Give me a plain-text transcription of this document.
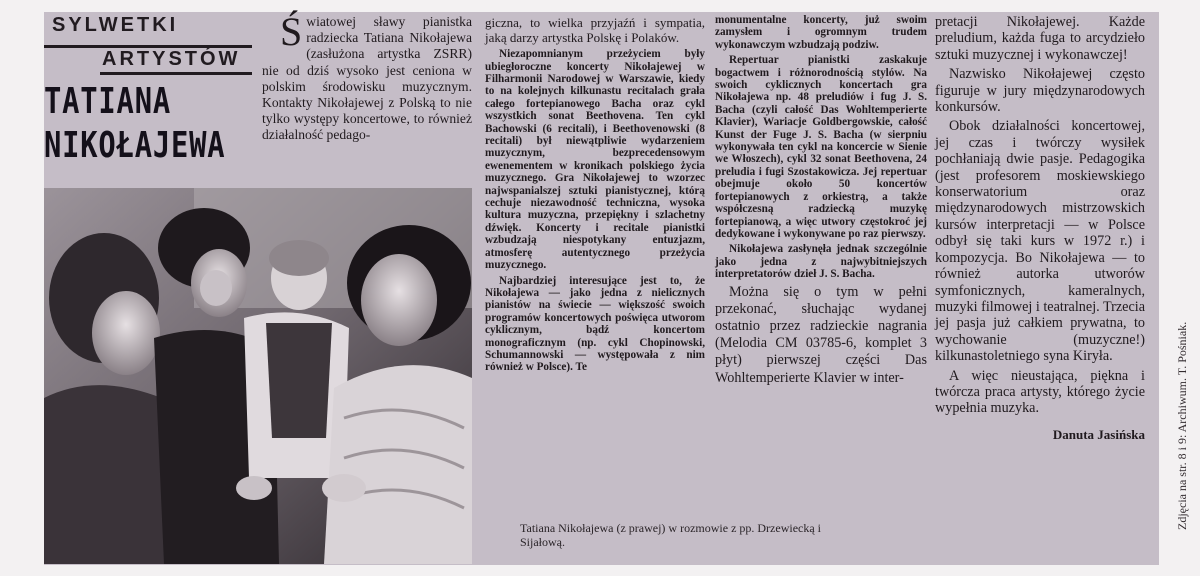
SYLWETKI
ARTYSTÓW
TATIANA
NIKOŁAJEWA
Tatiana Nikołajewa (z prawej) w rozmowie z pp. Drzewiecką i Sijałową.
Ś wiatowej sławy pianistka radziecka Tatiana Nikołajewa (zasłużona artystka ZSRR) nie od dziś wysoko jest ceniona w polskim środowisku muzycznym. Kontakty Nikołajewej z Polską to nie tylko występy koncertowe, to również działalność pedago-

giczna, to wielka przyjaźń i sympatia, jaką darzy artystka Polskę i Polaków.

Niezapomnianym przeżyciem były ubiegłoroczne koncerty Nikołajewej w Filharmonii Narodowej w Warszawie, kiedy to na kolejnych kilkunastu recitalach grała całego fortepianowego Bacha oraz cykl wszystkich sonat Beethovena. Ten cykl Bachowski (6 recitali), i Beethovenowski (8 recitali) był niewątpliwie wydarzeniem muzycznym, bezprecedensowym ewenementem w kronikach polskiego życia muzycznego. Gra Nikołajewej to wzorzec najwspanialszej sztuki pianistycznej, którą cechuje niezawodność techniczna, wysoka kultura muzyczna, przepiękny i szlachetny dźwięk. Koncerty i recitale pianistki wzbudzają niespotykany entuzjazm, atmosferę autentycznego przeżycia muzycznego.

Najbardziej interesujące jest to, że Nikołajewa — jako jedna z nielicznych pianistów na świecie — większość swoich programów koncertowych poświęca utworom cyklicznym, bądź koncertom monograficznym (np. cykl Chopinowski, Schumannowski — występowała z nim również w Polsce). Te

monumentalne koncerty, już swoim zamysłem i ogromnym trudem wykonawczym wzbudzają podziw.

Repertuar pianistki zaskakuje bogactwem i różnorodnością stylów. Na swoich cyklicznych koncertach gra Nikołajewa np. 48 preludiów i fug J. S. Bacha (czyli całość Das Wohltemperierte Klavier), Wariacje Goldbergowskie, całość Kunst der Fuge J. S. Bacha (w sierpniu wykonywała ten cykl na koncercie w Sienie we Włoszech), cykl 32 sonat Beethovena, 24 preludia i fugi Szostakowicza. Jej repertuar obejmuje około 50 koncertów fortepianowych z orkiestrą, a także współczesną radziecką muzykę fortepianową, a więc utwory częstokroć jej dedykowane i wykonywane po raz pierwszy.

Nikołajewa zasłynęła jednak szczególnie jako jedna z najwybitniejszych interpretatorów dzieł J. S. Bacha.

Można się o tym w pełni przekonać, słuchając wydanej ostatnio przez radzieckie nagrania (Melodia CM 03785-6, komplet 3 płyt) pierwszej części Das Wohltemperierte Klavier w inter-

pretacji Nikołajewej. Każde preludium, każda fuga to arcydzieło sztuki muzycznej i wykonawczej!

Nazwisko Nikołajewej często figuruje w jury międzynarodowych konkursów.

Obok działalności koncertowej, jej czas i twórczy wysiłek pochłaniają dwie pasje. Pedagogika (jest profesorem moskiewskiego konserwatorium oraz międzynarodowych mistrzowskich kursów interpretacji — w Polsce odbył się taki kurs w 1972 r.) i kompozycja. Bo Nikołajewa — to również autorka utworów symfonicznych, kameralnych, muzyki filmowej i teatralnej. Trzecia jej pasja już całkiem prywatna, to wychowanie (muzyczne!) kilkunastoletniego syna Kiryła.

A więc nieustająca, piękna i twórcza praca artysty, którego życie wypełnia muzyka.

Danuta Jasińska	Zdjęcia na str. 8 i 9: Archiwum. T. Pośniak.
